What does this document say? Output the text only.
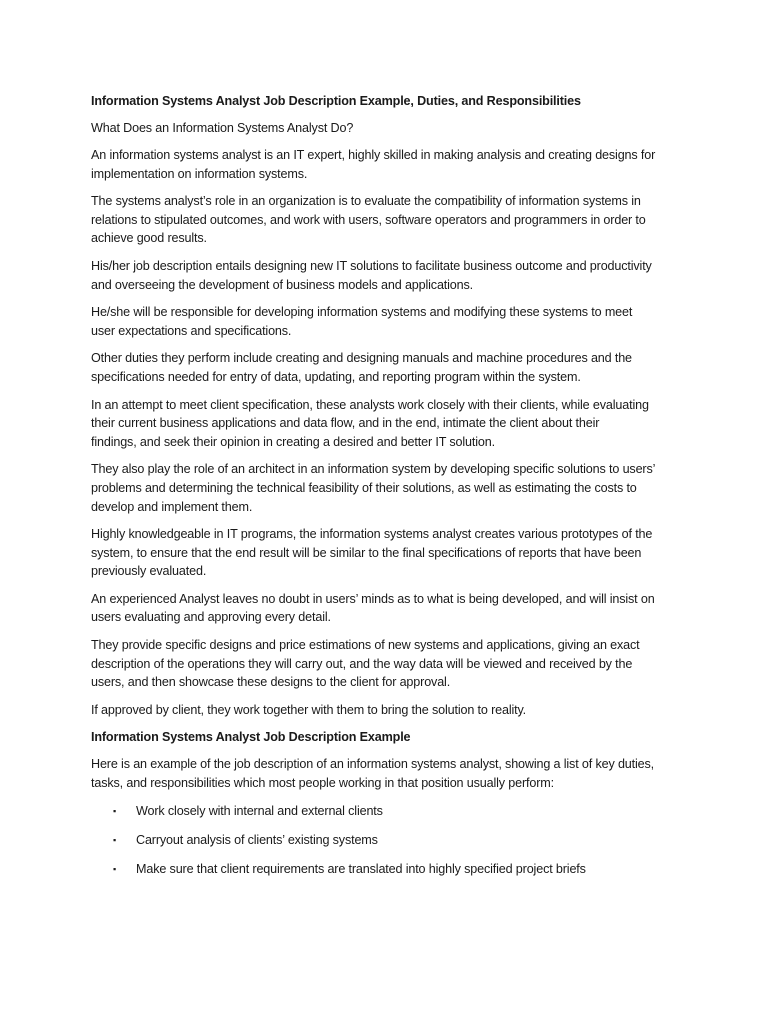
Information Systems Analyst Job Description Example, Duties, and Responsibilities
What Does an Information Systems Analyst Do?
An information systems analyst is an IT expert, highly skilled in making analysis and creating designs for
implementation on information systems.
The systems analyst’s role in an organization is to evaluate the compatibility of information systems in
relations to stipulated outcomes, and work with users, software operators and programmers in order to
achieve good results.
His/her job description entails designing new IT solutions to facilitate business outcome and productivity
and overseeing the development of business models and applications.
He/she will be responsible for developing information systems and modifying these systems to meet
user expectations and specifications.
Other duties they perform include creating and designing manuals and machine procedures and the
specifications needed for entry of data, updating, and reporting program within the system.
In an attempt to meet client specification, these analysts work closely with their clients, while evaluating
their current business applications and data flow, and in the end, intimate the client about their
findings, and seek their opinion in creating a desired and better IT solution.
They also play the role of an architect in an information system by developing specific solutions to users’
problems and determining the technical feasibility of their solutions, as well as estimating the costs to
develop and implement them.
Highly knowledgeable in IT programs, the information systems analyst creates various prototypes of the
system, to ensure that the end result will be similar to the final specifications of reports that have been
previously evaluated.
An experienced Analyst leaves no doubt in users’ minds as to what is being developed, and will insist on
users evaluating and approving every detail.
They provide specific designs and price estimations of new systems and applications, giving an exact
description of the operations they will carry out, and the way data will be viewed and received by the
users, and then showcase these designs to the client for approval.
If approved by client, they work together with them to bring the solution to reality.
Information Systems Analyst Job Description Example
Here is an example of the job description of an information systems analyst, showing a list of key duties,
tasks, and responsibilities which most people working in that position usually perform:
▪ Work closely with internal and external clients
▪ Carryout analysis of clients’ existing systems
▪ Make sure that client requirements are translated into highly specified project briefs
